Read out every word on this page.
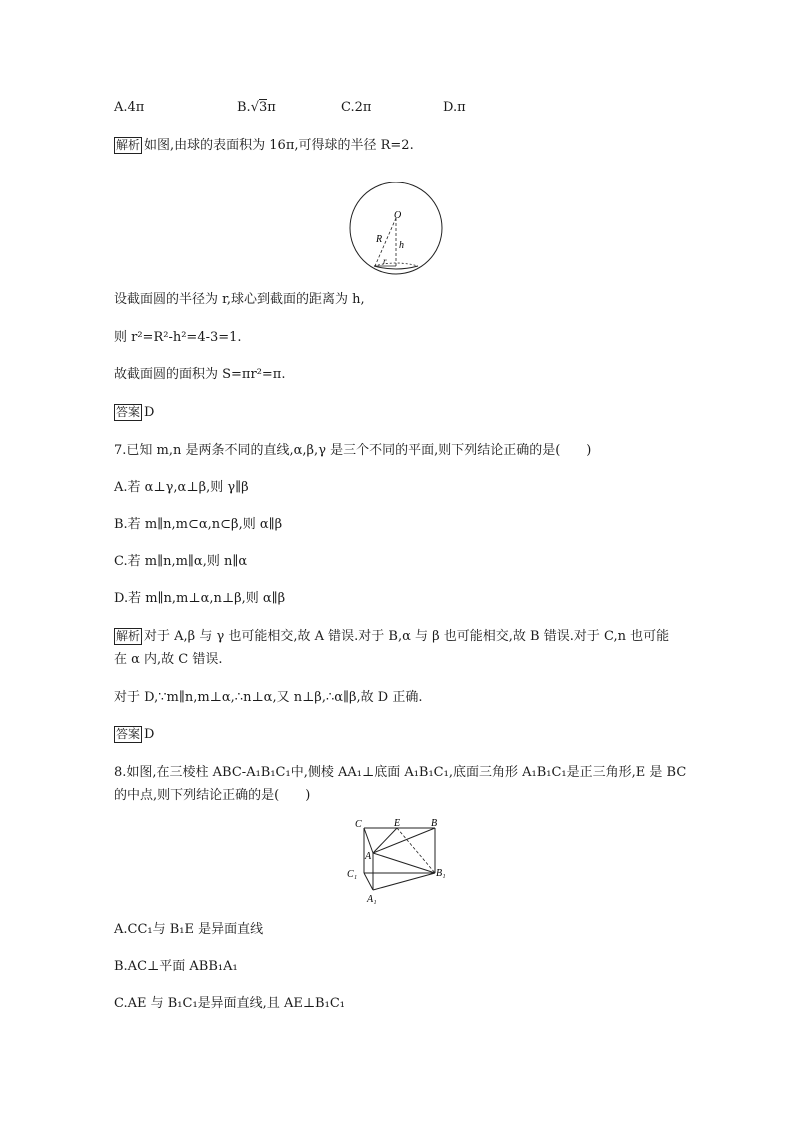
A.4π	B.√3π	C.2π	D.π
解析 如图,由球的表面积为 16π,可得球的半径 R=2.
O
R
h
r
设截面圆的半径为 r,球心到截面的距离为 h,
则 r²=R²-h²=4-3=1.
故截面圆的面积为 S=πr²=π.
答案 D
7.已知 m,n 是两条不同的直线,α,β,γ 是三个不同的平面,则下列结论正确的是(　　)
A.若 α⊥γ,α⊥β,则 γ∥β
B.若 m∥n,m⊂α,n⊂β,则 α∥β
C.若 m∥n,m∥α,则 n∥α
D.若 m∥n,m⊥α,n⊥β,则 α∥β
解析 对于 A,β 与 γ 也可能相交,故 A 错误.对于 B,α 与 β 也可能相交,故 B 错误.对于 C,n 也可能
在 α 内,故 C 错误.
对于 D,∵m∥n,m⊥α,∴n⊥α,又 n⊥β,∴α∥β,故 D 正确.
答案 D
8.如图,在三棱柱 ABC-A₁B₁C₁中,侧棱 AA₁⊥底面 A₁B₁C₁,底面三角形 A₁B₁C₁是正三角形,E 是 BC
的中点,则下列结论正确的是(　　)
C	E	B
A
C₁	B₁
A₁
A.CC₁与 B₁E 是异面直线
B.AC⊥平面 ABB₁A₁
C.AE 与 B₁C₁是异面直线,且 AE⊥B₁C₁
